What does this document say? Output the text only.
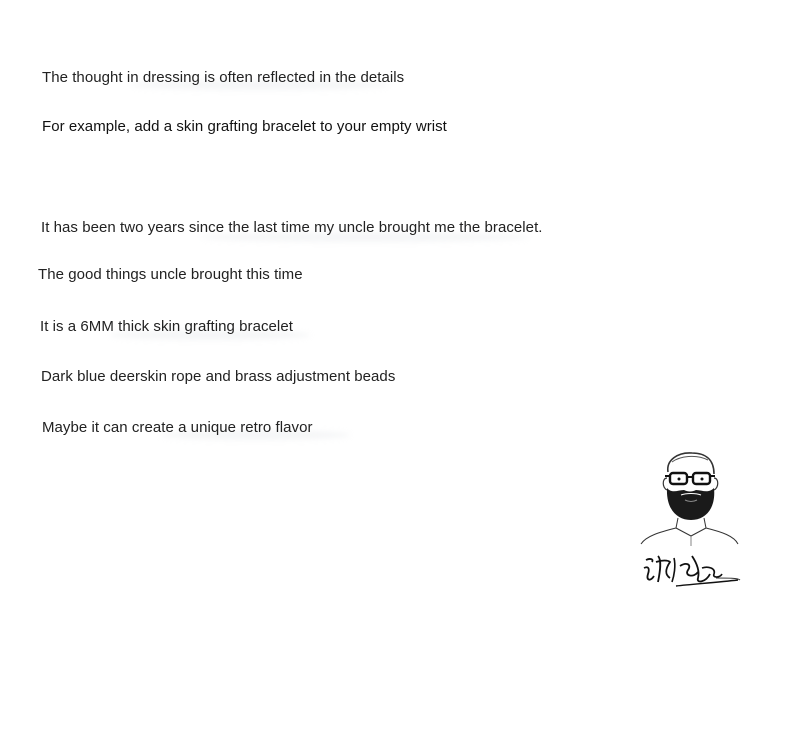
The thought in dressing is often reflected in the details
For example, add a skin grafting bracelet to your empty wrist
It has been two years since the last time my uncle brought me the bracelet.
The good things uncle brought this time
It is a 6MM thick skin grafting bracelet
Dark blue deerskin rope and brass adjustment beads
Maybe it can create a unique retro flavor
